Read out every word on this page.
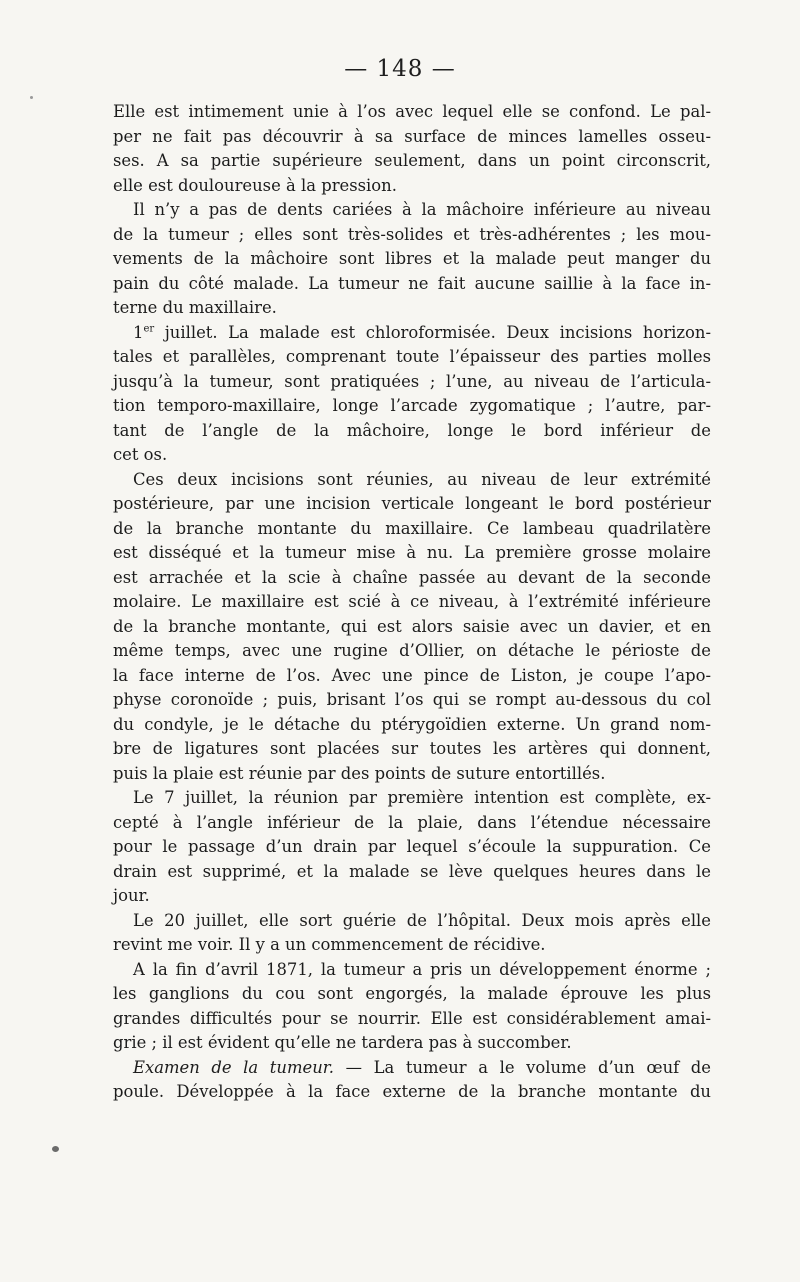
— 148 —
Elle est intimement unie à l’os avec lequel elle se confond. Le pal-
per ne fait pas découvrir à sa surface de minces lamelles osseu-
ses. A sa partie supérieure seulement, dans un point circonscrit,
elle est douloureuse à la pression.
Il n’y a pas de dents cariées à la mâchoire inférieure au niveau
de la tumeur ; elles sont très-solides et très-adhérentes ; les mou-
vements de la mâchoire sont libres et la malade peut manger du
pain du côté malade. La tumeur ne fait aucune saillie à la face in-
terne du maxillaire.
1er juillet. La malade est chloroformisée. Deux incisions horizon-
tales et parallèles, comprenant toute l’épaisseur des parties molles
jusqu’à la tumeur, sont pratiquées ; l’une, au niveau de l’articula-
tion temporo-maxillaire, longe l’arcade zygomatique ; l’autre, par-
tant de l’angle de la mâchoire, longe le bord inférieur de
cet os.
Ces deux incisions sont réunies, au niveau de leur extrémité
postérieure, par une incision verticale longeant le bord postérieur
de la branche montante du maxillaire. Ce lambeau quadrilatère
est disséqué et la tumeur mise à nu. La première grosse molaire
est arrachée et la scie à chaîne passée au devant de la seconde
molaire. Le maxillaire est scié à ce niveau, à l’extrémité inférieure
de la branche montante, qui est alors saisie avec un davier, et en
même temps, avec une rugine d’Ollier, on détache le périoste de
la face interne de l’os. Avec une pince de Liston, je coupe l’apo-
physe coronoïde ; puis, brisant l’os qui se rompt au-dessous du col
du condyle, je le détache du ptérygoïdien externe. Un grand nom-
bre de ligatures sont placées sur toutes les artères qui donnent,
puis la plaie est réunie par des points de suture entortillés.
Le 7 juillet, la réunion par première intention est complète, ex-
cepté à l’angle inférieur de la plaie, dans l’étendue nécessaire
pour le passage d’un drain par lequel s’écoule la suppuration. Ce
drain est supprimé, et la malade se lève quelques heures dans le
jour.
Le 20 juillet, elle sort guérie de l’hôpital. Deux mois après elle
revint me voir. Il y a un commencement de récidive.
A la fin d’avril 1871, la tumeur a pris un développement énorme ;
les ganglions du cou sont engorgés, la malade éprouve les plus
grandes difficultés pour se nourrir. Elle est considérablement amai-
grie ; il est évident qu’elle ne tardera pas à succomber.
Examen de la tumeur. — La tumeur a le volume d’un œuf de
poule. Développée à la face externe de la branche montante du
